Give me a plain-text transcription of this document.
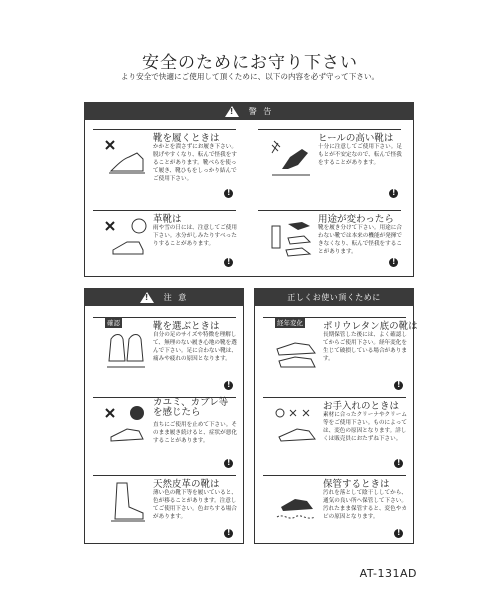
安全のためにお守り下さい
より安全で快適にご使用して頂くために、以下の内容を必ず守って下さい。
!
警 告
靴を履くときは
かかとを潰さずにお履き下さい。脱げやすくなり、転んで怪我をすることがあります。靴べらを使って履き、靴ひもをしっかり結んでご使用下さい。
!
ヒールの高い靴は
十分に注意してご使用下さい。足もとが不安定なので、転んで怪我をすることがあります。
!
革靴は
雨や雪の日には、注意してご使用下さい。水分がしみたりすべったりすることがあります。
!
用途が変わったら
靴を履き分けて下さい。用途に合わない靴では本来の機能が発揮できなくなり、転んで怪我をすることがあります。
!
!
注 意
確認	靴を選ぶときは
自分の足のサイズや特徴を理解して、無理のない履き心地の靴を選んで下さい。足に合わない靴は、痛みや疲れの原因となります。
!
カユミ、カブレ等を感じたら
直ちにご使用を止めて下さい。そのまま履き続けると、症状が悪化することがあります。
!
天然皮革の靴は
薄い色の靴下等を履いていると、色が移ることがあります。注意してご使用下さい。色おちする場合があります。
!
正しくお使い頂くために
経年変化 ポリウレタン底の靴は
長期保管した後には、よく確認してからご使用下さい。経年変化を生じて破損している場合があります。
!
お手入れのときは
素材に合ったクリーナやクリーム等をご使用下さい。ものによっては、変色の原因となります。詳しくは販売員におたずね下さい。
!
保管するときは
汚れを落として陰干ししてから、通気の良い所へ保管して下さい。汚れたまま保管すると、変色やカビの原因となります。
!
AT-131AD
